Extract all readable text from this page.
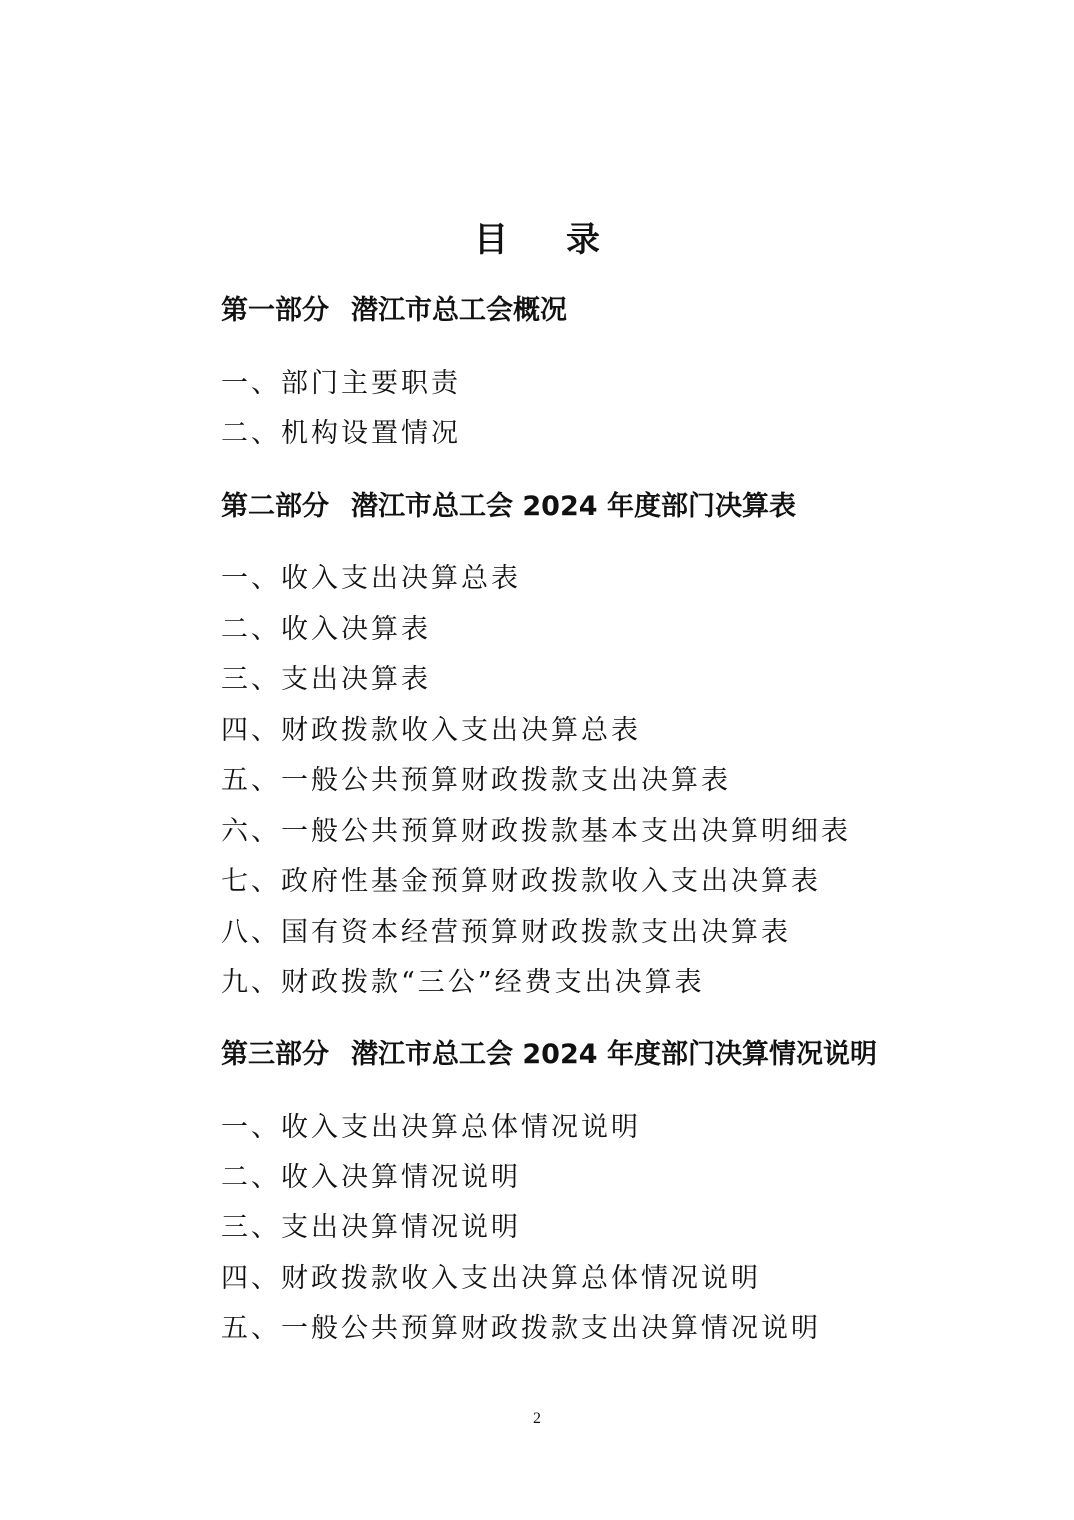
目 录
第一部分 潜江市总工会概况
一、部门主要职责
二、机构设置情况
第二部分 潜江市总工会 2024 年度部门决算表
一、收入支出决算总表
二、收入决算表
三、支出决算表
四、财政拨款收入支出决算总表
五、一般公共预算财政拨款支出决算表
六、一般公共预算财政拨款基本支出决算明细表
七、政府性基金预算财政拨款收入支出决算表
八、国有资本经营预算财政拨款支出决算表
九、财政拨款“三公”经费支出决算表
第三部分 潜江市总工会 2024 年度部门决算情况说明
一、收入支出决算总体情况说明
二、收入决算情况说明
三、支出决算情况说明
四、财政拨款收入支出决算总体情况说明
五、一般公共预算财政拨款支出决算情况说明
2
